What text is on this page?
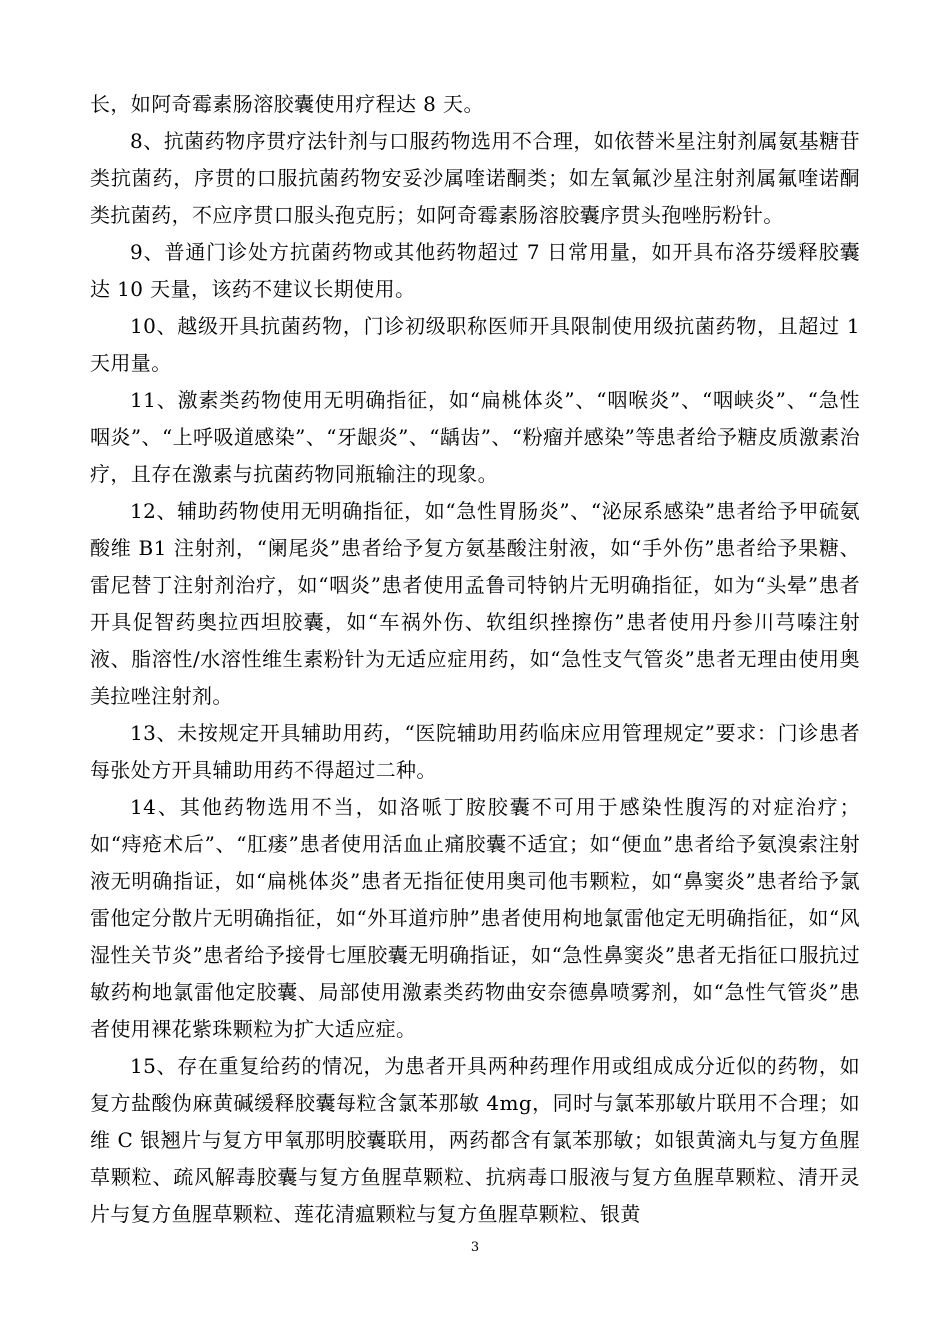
长，如阿奇霉素肠溶胶囊使用疗程达 8 天。

8、抗菌药物序贯疗法针剂与口服药物选用不合理，如依替米星注射剂属氨基糖苷类抗菌药，序贯的口服抗菌药物安妥沙属喹诺酮类；如左氧氟沙星注射剂属氟喹诺酮类抗菌药，不应序贯口服头孢克肟；如阿奇霉素肠溶胶囊序贯头孢唑肟粉针。

9、普通门诊处方抗菌药物或其他药物超过 7 日常用量，如开具布洛芬缓释胶囊达 10 天量，该药不建议长期使用。

10、越级开具抗菌药物，门诊初级职称医师开具限制使用级抗菌药物，且超过 1 天用量。

11、激素类药物使用无明确指征，如“扁桃体炎”、“咽喉炎”、“咽峡炎”、“急性咽炎”、“上呼吸道感染”、“牙龈炎”、“龋齿”、“粉瘤并感染”等患者给予糖皮质激素治疗，且存在激素与抗菌药物同瓶输注的现象。

12、辅助药物使用无明确指征，如“急性胃肠炎”、“泌尿系感染”患者给予甲硫氨酸维 B1 注射剂，“阑尾炎”患者给予复方氨基酸注射液，如“手外伤”患者给予果糖、雷尼替丁注射剂治疗，如“咽炎”患者使用孟鲁司特钠片无明确指征，如为“头晕”患者开具促智药奥拉西坦胶囊，如“车祸外伤、软组织挫擦伤”患者使用丹参川芎嗪注射液、脂溶性/水溶性维生素粉针为无适应症用药，如“急性支气管炎”患者无理由使用奥美拉唑注射剂。

13、未按规定开具辅助用药，“医院辅助用药临床应用管理规定”要求：门诊患者每张处方开具辅助用药不得超过二种。

14、其他药物选用不当，如洛哌丁胺胶囊不可用于感染性腹泻的对症治疗；如“痔疮术后”、“肛瘘”患者使用活血止痛胶囊不适宜；如“便血”患者给予氨溴索注射液无明确指证，如“扁桃体炎”患者无指征使用奥司他韦颗粒，如“鼻窦炎”患者给予氯雷他定分散片无明确指征，如“外耳道疖肿”患者使用枸地氯雷他定无明确指征，如“风湿性关节炎”患者给予接骨七厘胶囊无明确指证，如“急性鼻窦炎”患者无指征口服抗过敏药枸地氯雷他定胶囊、局部使用激素类药物曲安奈德鼻喷雾剂，如“急性气管炎”患者使用裸花紫珠颗粒为扩大适应症。

15、存在重复给药的情况，为患者开具两种药理作用或组成成分近似的药物，如复方盐酸伪麻黄碱缓释胶囊每粒含氯苯那敏 4mg，同时与氯苯那敏片联用不合理；如维 C 银翘片与复方甲氧那明胶囊联用，两药都含有氯苯那敏；如银黄滴丸与复方鱼腥草颗粒、疏风解毒胶囊与复方鱼腥草颗粒、抗病毒口服液与复方鱼腥草颗粒、清开灵片与复方鱼腥草颗粒、莲花清瘟颗粒与复方鱼腥草颗粒、银黄

3
